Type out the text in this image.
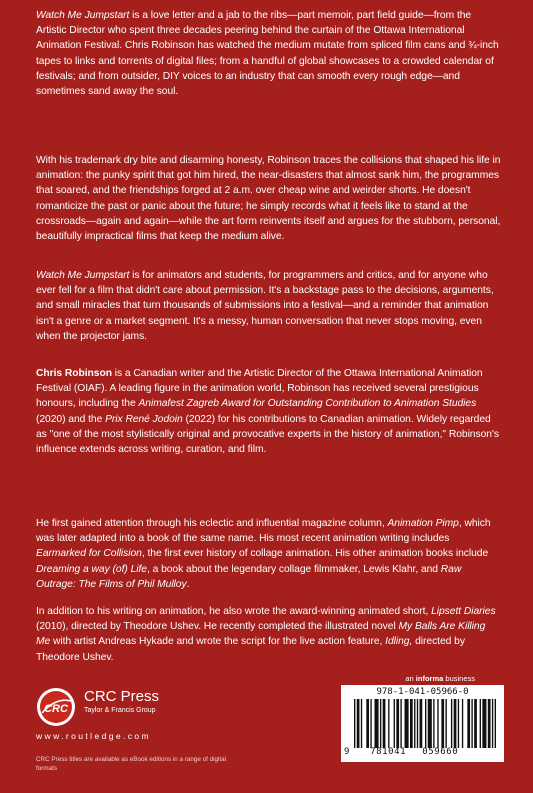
Watch Me Jumpstart is a love letter and a jab to the ribs—part memoir, part field guide—from the Artistic Director who spent three decades peering behind the curtain of the Ottawa International Animation Festival. Chris Robinson has watched the medium mutate from spliced film cans and ¾-inch tapes to links and torrents of digital files; from a handful of global showcases to a crowded calendar of festivals; and from outsider, DIY voices to an industry that can smooth every rough edge—and sometimes sand away the soul.

With his trademark dry bite and disarming honesty, Robinson traces the collisions that shaped his life in animation: the punky spirit that got him hired, the near-disasters that almost sank him, the programmes that soared, and the friendships forged at 2 a.m. over cheap wine and weirder shorts. He doesn't romanticize the past or panic about the future; he simply records what it feels like to stand at the crossroads—again and again—while the art form reinvents itself and argues for the stubborn, personal, beautifully impractical films that keep the medium alive.

Watch Me Jumpstart is for animators and students, for programmers and critics, and for anyone who ever fell for a film that didn't care about permission. It's a backstage pass to the decisions, arguments, and small miracles that turn thousands of submissions into a festival—and a reminder that animation isn't a genre or a market segment. It's a messy, human conversation that never stops moving, even when the projector jams.

Chris Robinson is a Canadian writer and the Artistic Director of the Ottawa International Animation Festival (OIAF). A leading figure in the animation world, Robinson has received several prestigious honours, including the Animafest Zagreb Award for Outstanding Contribution to Animation Studies (2020) and the Prix René Jodoin (2022) for his contributions to Canadian animation. Widely regarded as "one of the most stylistically original and provocative experts in the history of animation," Robinson's influence extends across writing, curation, and film.

He first gained attention through his eclectic and influential magazine column, Animation Pimp, which was later adapted into a book of the same name. His most recent animation writing includes Earmarked for Collision, the first ever history of collage animation. His other animation books include Dreaming a way (of) Life, a book about the legendary collage filmmaker, Lewis Klahr, and Raw Outrage: The Films of Phil Mulloy.

In addition to his writing on animation, he also wrote the award-winning animated short, Lipsett Diaries (2010), directed by Theodore Ushev. He recently completed the illustrated novel My Balls Are Killing Me with artist Andreas Hykade and wrote the script for the live action feature, Idling, directed by Theodore Ushev.

an informa business
CRC
CRC Press
Taylor & Francis Group
www.routledge.com
CRC Press titles are available as eBook editions in a range of digital formats
978-1-041-05966-0
9 781041 059660
